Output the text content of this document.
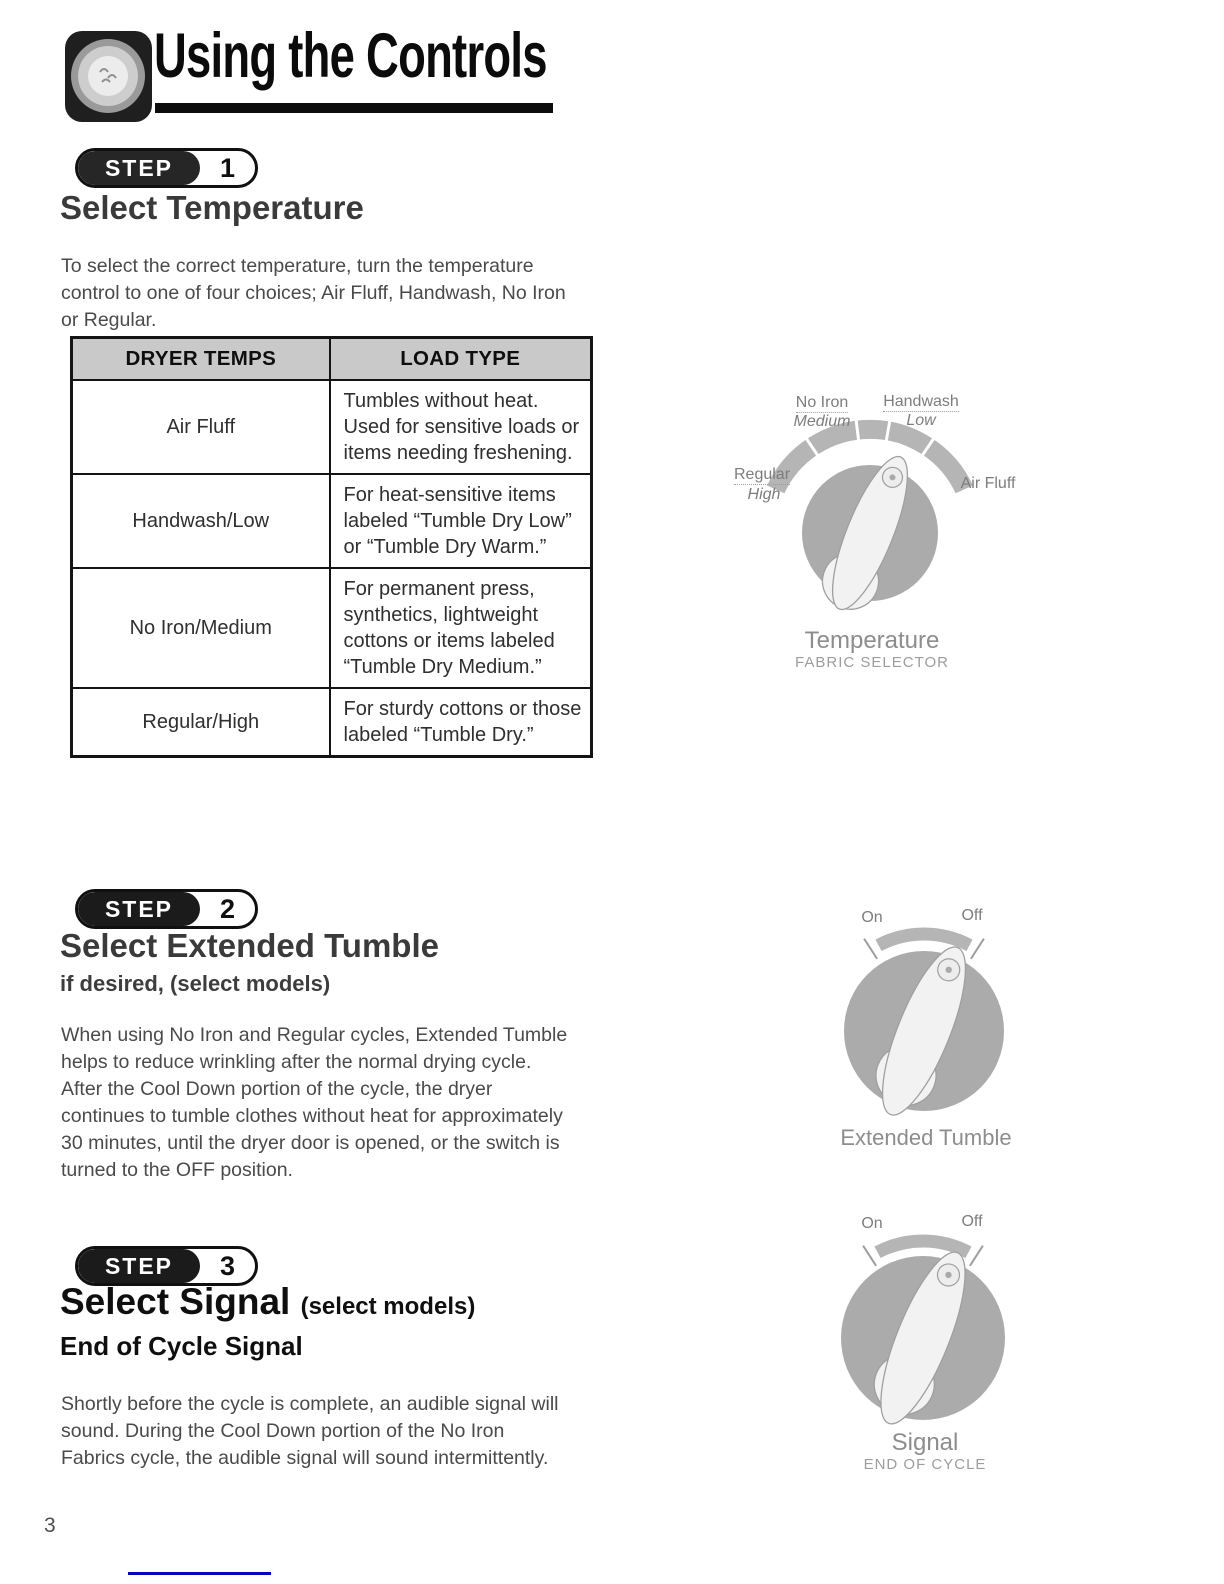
Using the Controls
STEP	1
Select Temperature

To select the correct temperature, turn the temperature control to one of four choices; Air Fluff, Handwash, No Iron or Regular.

DRYER TEMPS	LOAD TYPE
Air Fluff	Tumbles without heat. Used for sensitive loads or items needing freshening.
Handwash/Low	For heat-sensitive items labeled “Tumble Dry Low” or “Tumble Dry Warm.”
No Iron/Medium	For permanent press, synthetics, lightweight cottons or items labeled “Tumble Dry Medium.”
Regular/High	For sturdy cottons or those labeled “Tumble Dry.”
No Iron
Medium
Handwash
Low
Regular
High
Air Fluff
Temperature
FABRIC SELECTOR
STEP	2
Select Extended Tumble
if desired, (select models)

When using No Iron and Regular cycles, Extended Tumble helps to reduce wrinkling after the normal drying cycle. After the Cool Down portion of the cycle, the dryer continues to tumble clothes without heat for approximately 30 minutes, until the dryer door is opened, or the switch is turned to the OFF position.

On	Off
Extended Tumble
STEP	3
Select Signal (select models)
End of Cycle Signal

Shortly before the cycle is complete, an audible signal will sound. During the Cool Down portion of the No Iron Fabrics cycle, the audible signal will sound intermittently.

On	Off
Signal
END OF CYCLE
3
